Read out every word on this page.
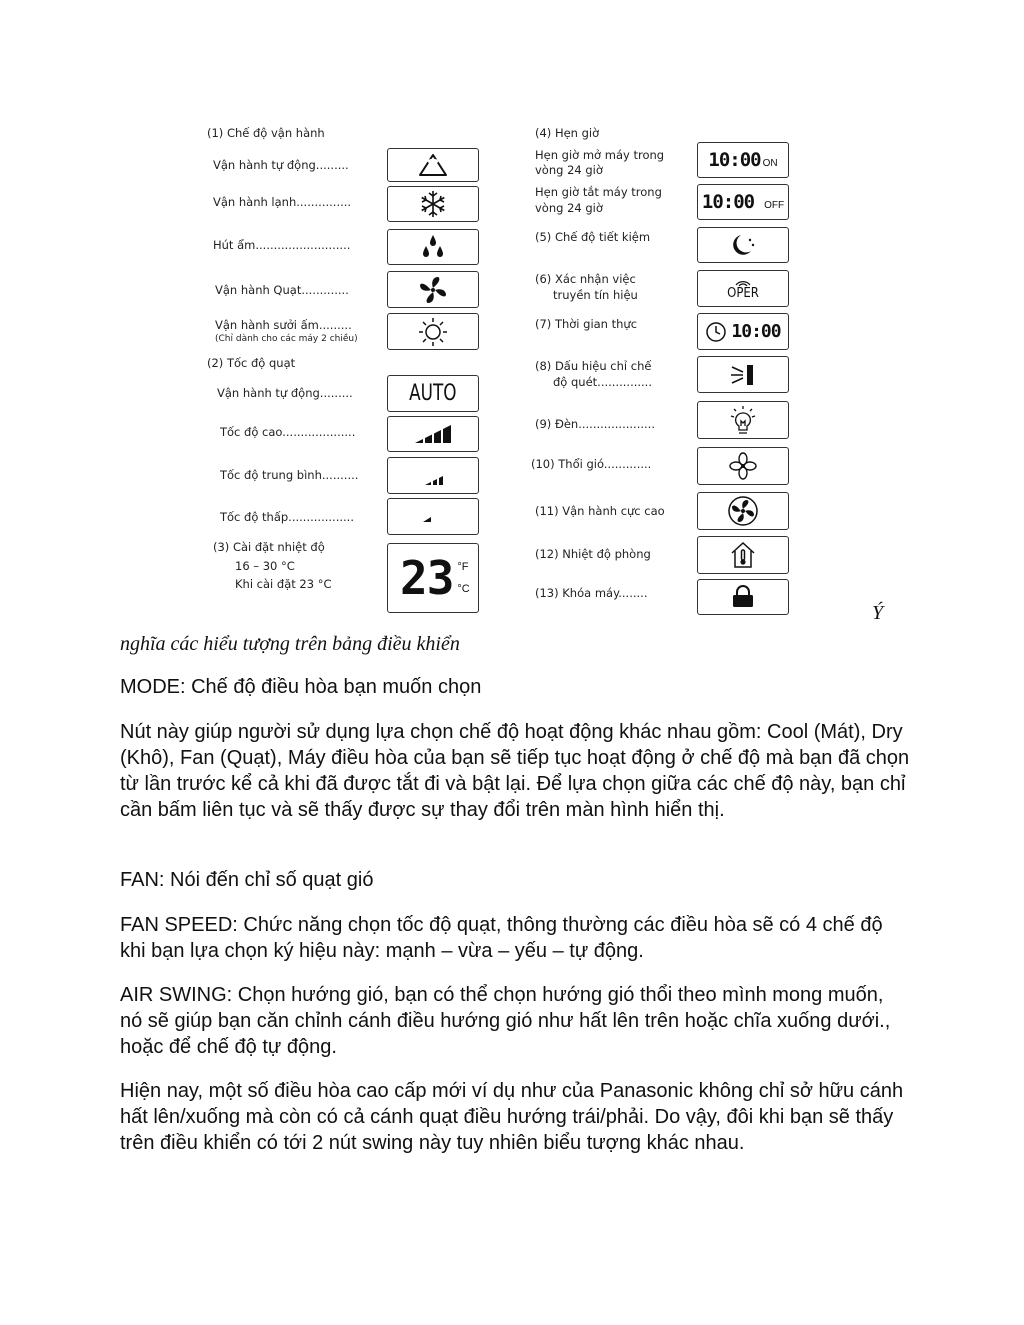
(1) Chế độ vận hành
Vận hành tự động.........
Vận hành lạnh...............
Hút ẩm..........................
Vận hành Quạt.............
Vận hành sưởi ấm.........
(Chỉ dành cho các máy 2 chiều)
(2) Tốc độ quạt
Vận hành tự động.........	AUTO
Tốc độ cao....................
Tốc độ trung bình..........
Tốc độ thấp..................
(3) Cài đặt nhiệt độ
16 – 30 °C
Khi cài đặt 23 °C 23 °F
°C
(4) Hẹn giờ
Hẹn giờ mở máy trong
vòng 24 giờ	10:00 ON
Hẹn giờ tắt máy trong
vòng 24 giờ	10:00 OFF
(5) Chế độ tiết kiệm
(6) Xác nhận việc
truyền tín hiệu	OPER
(7) Thời gian thực	10:00
(8) Dấu hiệu chỉ chế
độ quét...............
(9) Đèn.....................
(10) Thổi gió.............
(11) Vận hành cực cao
(12) Nhiệt độ phòng
(13) Khóa máy........
Ý
nghĩa các hiểu tượng trên bảng điều khiển

MODE: Chế độ điều hòa bạn muốn chọn

Nút này giúp người sử dụng lựa chọn chế độ hoạt động khác nhau gồm: Cool (Mát), Dry (Khô), Fan (Quạt), Máy điều hòa của bạn sẽ tiếp tục hoạt động ở chế độ mà bạn đã chọn từ lần trước kể cả khi đã được tắt đi và bật lại. Để lựa chọn giữa các chế độ này, bạn chỉ cần bấm liên tục và sẽ thấy được sự thay đổi trên màn hình hiển thị.

FAN: Nói đến chỉ số quạt gió

FAN SPEED: Chức năng chọn tốc độ quạt, thông thường các điều hòa sẽ có 4 chế độ khi bạn lựa chọn ký hiệu này: mạnh – vừa – yếu – tự động.

AIR SWING: Chọn hướng gió, bạn có thể chọn hướng gió thổi theo mình mong muốn, nó sẽ giúp bạn căn chỉnh cánh điều hướng gió như hất lên trên hoặc chĩa xuống dưới., hoặc để chế độ tự động.

Hiện nay, một số điều hòa cao cấp mới ví dụ như của Panasonic không chỉ sở hữu cánh hất lên/xuống mà còn có cả cánh quạt điều hướng trái/phải. Do vậy, đôi khi bạn sẽ thấy trên điều khiển có tới 2 nút swing này tuy nhiên biểu tượng khác nhau.
